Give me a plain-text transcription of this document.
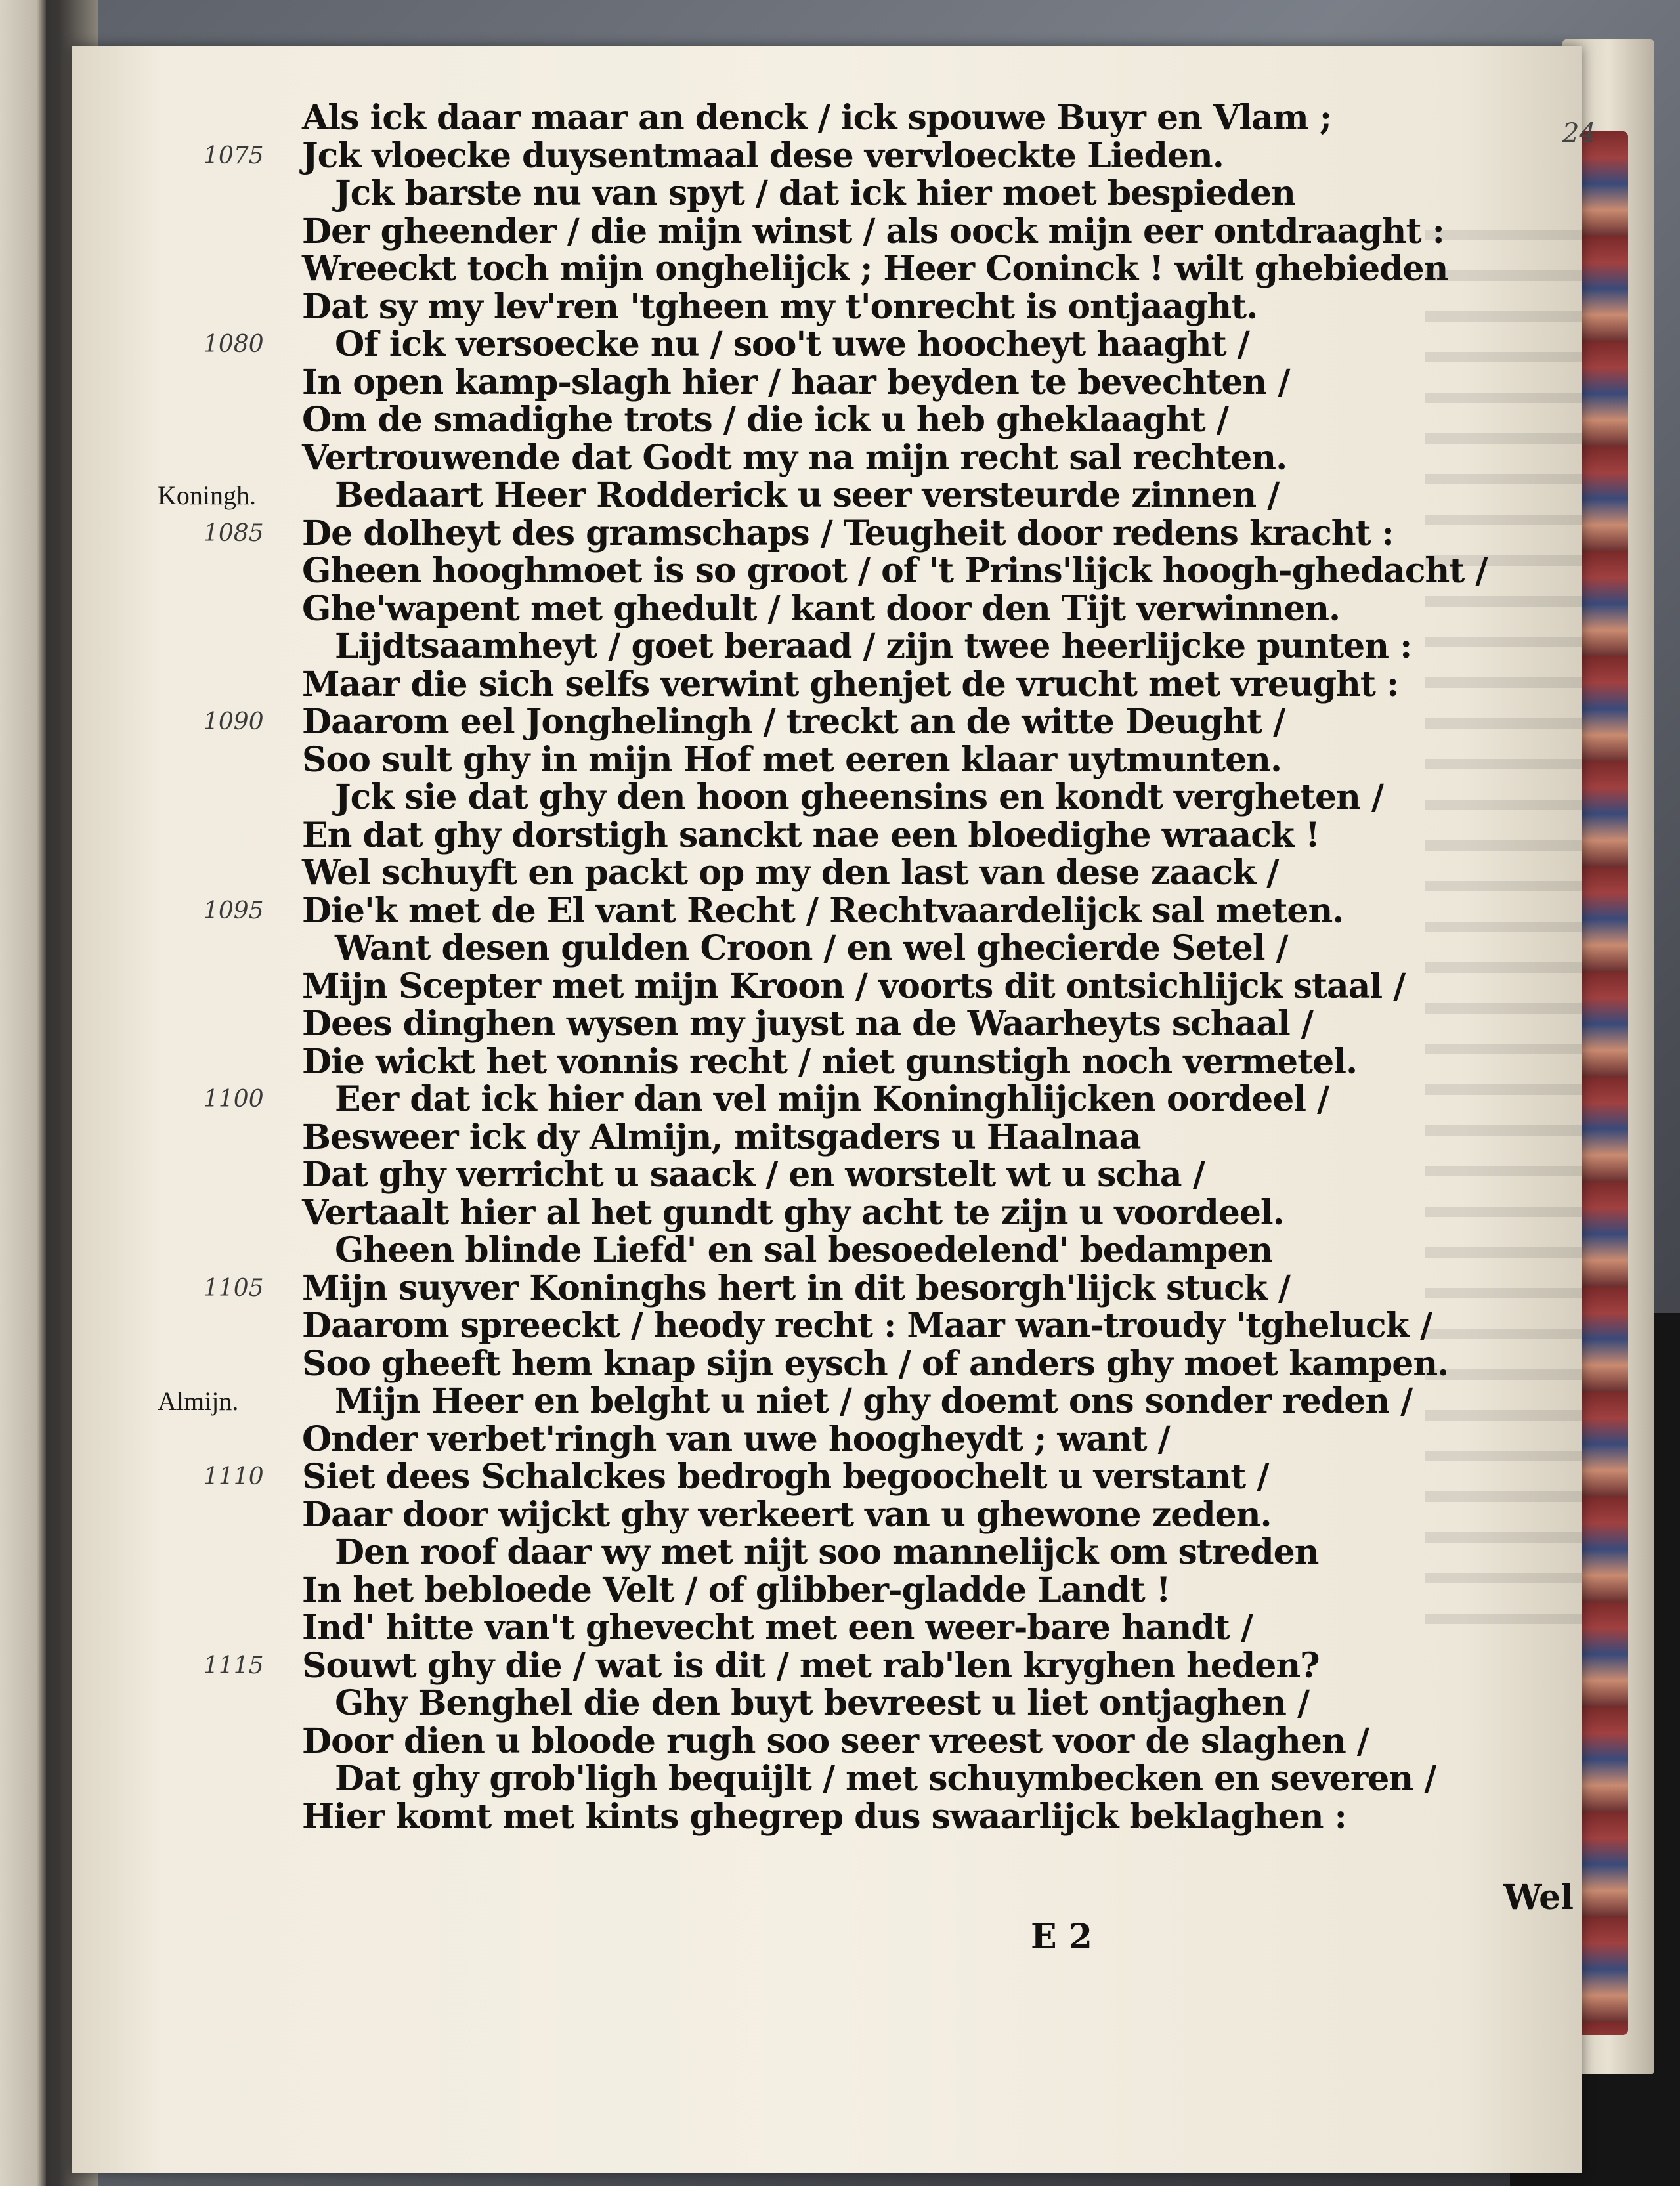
24
Als ick daar maar an denck / ick spouwe Buyr en Vlam ;
Jck vloecke duysentmaal dese vervloeckte Lieden.
1075
Jck barste nu van spyt / dat ick hier moet bespieden
Der gheender / die mijn winst / als oock mijn eer ontdraaght :
Wreeckt toch mijn onghelijck ; Heer Coninck ! wilt ghebieden
Dat sy my lev'ren 'tgheen my t'onrecht is ontjaaght.
Of ick versoecke nu / soo't uwe hoocheyt haaght /
1080
In open kamp-slagh hier / haar beyden te bevechten /
Om de smadighe trots / die ick u heb gheklaaght /
Vertrouwende dat Godt my na mijn recht sal rechten.
Bedaart Heer Rodderick u seer versteurde zinnen /
Koningh.
De dolheyt des gramschaps / Teugheit door redens kracht :
1085
Gheen hooghmoet is so groot / of 't Prins'lijck hoogh-ghedacht /
Ghe'wapent met ghedult / kant door den Tijt verwinnen.
Lijdtsaamheyt / goet beraad / zijn twee heerlijcke punten :
Maar die sich selfs verwint ghenjet de vrucht met vreught :
Daarom eel Jonghelingh / treckt an de witte Deught /
1090
Soo sult ghy in mijn Hof met eeren klaar uytmunten.
Jck sie dat ghy den hoon gheensins en kondt vergheten /
En dat ghy dorstigh sanckt nae een bloedighe wraack !
Wel schuyft en packt op my den last van dese zaack /
Die'k met de El vant Recht / Rechtvaardelijck sal meten.
1095
Want desen gulden Croon / en wel ghecierde Setel /
Mijn Scepter met mijn Kroon / voorts dit ontsichlijck staal /
Dees dinghen wysen my juyst na de Waarheyts schaal /
Die wickt het vonnis recht / niet gunstigh noch vermetel.
Eer dat ick hier dan vel mijn Koninghlijcken oordeel /
1100
Besweer ick dy Almijn, mitsgaders u Haalnaa
Dat ghy verricht u saack / en worstelt wt u scha /
Vertaalt hier al het gundt ghy acht te zijn u voordeel.
Gheen blinde Liefd' en sal besoedelend' bedampen
Mijn suyver Koninghs hert in dit besorgh'lijck stuck /
1105
Daarom spreeckt / heody recht : Maar wan-troudy 'tgheluck /
Soo gheeft hem knap sijn eysch / of anders ghy moet kampen.
Mijn Heer en belght u niet / ghy doemt ons sonder reden /
Almijn.
Onder verbet'ringh van uwe hoogheydt ; want /
Siet dees Schalckes bedrogh begoochelt u verstant /
1110
Daar door wijckt ghy verkeert van u ghewone zeden.
Den roof daar wy met nijt soo mannelijck om streden
In het bebloede Velt / of glibber-gladde Landt !
Ind' hitte van't ghevecht met een weer-bare handt /
Souwt ghy die / wat is dit / met rab'len kryghen heden?
1115
Ghy Benghel die den buyt bevreest u liet ontjaghen /
Door dien u bloode rugh soo seer vreest voor de slaghen /
Dat ghy grob'ligh bequijlt / met schuymbecken en severen /
Hier komt met kints ghegrep dus swaarlijck beklaghen :
E 2
Wel
